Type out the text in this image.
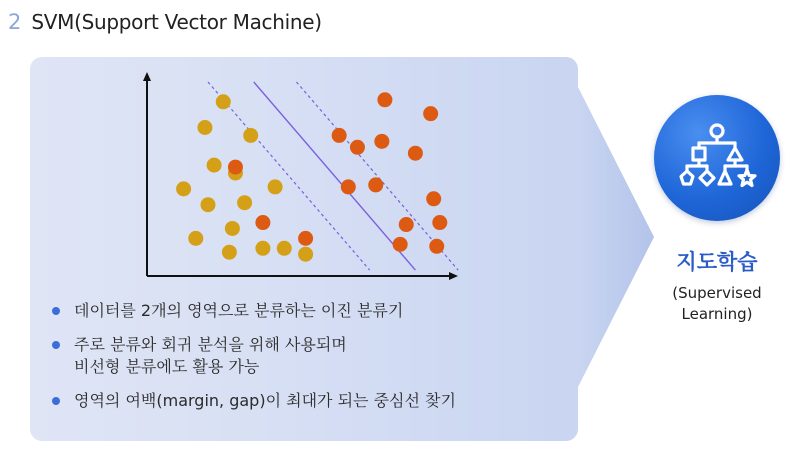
2 SVM(Support Vector Machine)
데이터를 2개의 영역으로 분류하는 이진 분류기
주로 분류와 회귀 분석을 위해 사용되며
비선형 분류에도 활용 가능
영역의 여백(margin, gap)이 최대가 되는 중심선 찾기
지도학습
(Supervised
Learning)
